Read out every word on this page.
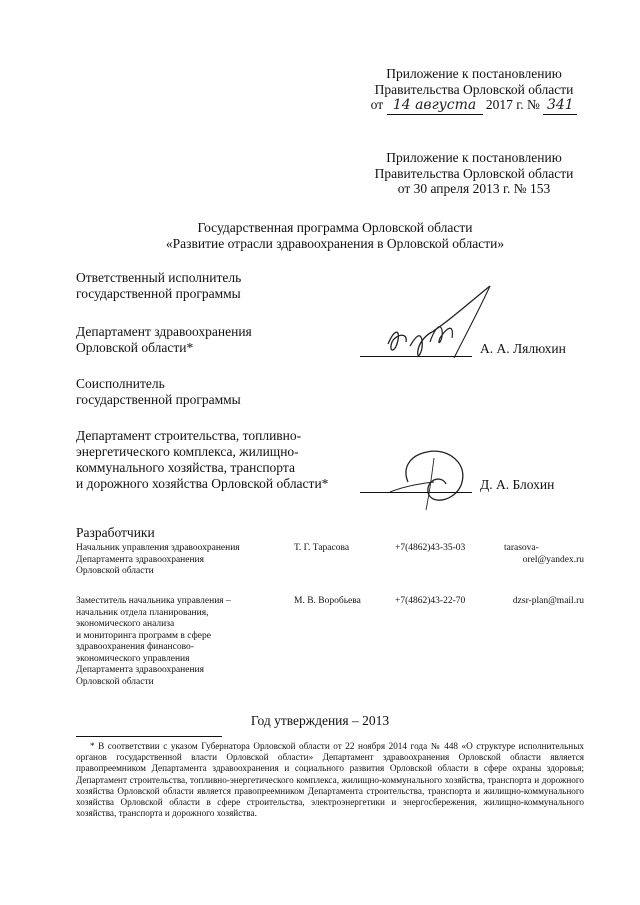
Приложение к постановлению
Правительства Орловской области
от 14 августа 2017 г. № 341
Приложение к постановлению
Правительства Орловской области
от 30 апреля 2013 г. № 153
Государственная программа Орловской области
«Развитие отрасли здравоохранения в Орловской области»
Ответственный исполнитель
государственной программы
Департамент здравоохранения
Орловской области*	А. А. Лялюхин
Соисполнитель
государственной программы
Департамент строительства, топливно-
энергетического комплекса, жилищно-
коммунального хозяйства, транспорта
и дорожного хозяйства Орловской области*	Д. А. Блохин
Разработчики
Начальник управления здравоохранения
Департамента здравоохранения
Орловской области
Т. Г. Тарасова	+7(4862)43-35-03	tarasova-
orel@yandex.ru
Заместитель начальника управления –
начальник отдела планирования,
экономического анализа
и мониторинга программ в сфере
здравоохранения финансово-
экономического управления
Департамента здравоохранения
Орловской области
М. В. Воробьева	+7(4862)43-22-70	dzsr-plan@mail.ru
Год утверждения – 2013
* В соответствии с указом Губернатора Орловской области от 22 ноября 2014 года № 448 «О структуре исполнительных органов государственной власти Орловской области» Департамент здравоохранения Орловской области является правопреемником Департамента здравоохранения и социального развития Орловской области в сфере охраны здоровья; Департамент строительства, топливно-энергетического комплекса, жилищно-коммунального хозяйства, транспорта и дорожного хозяйства Орловской области является правопреемником Департамента строительства, транспорта и жилищно-коммунального хозяйства Орловской области в сфере строительства, электроэнергетики и энергосбережения, жилищно-коммунального хозяйства, транспорта и дорожного хозяйства.
